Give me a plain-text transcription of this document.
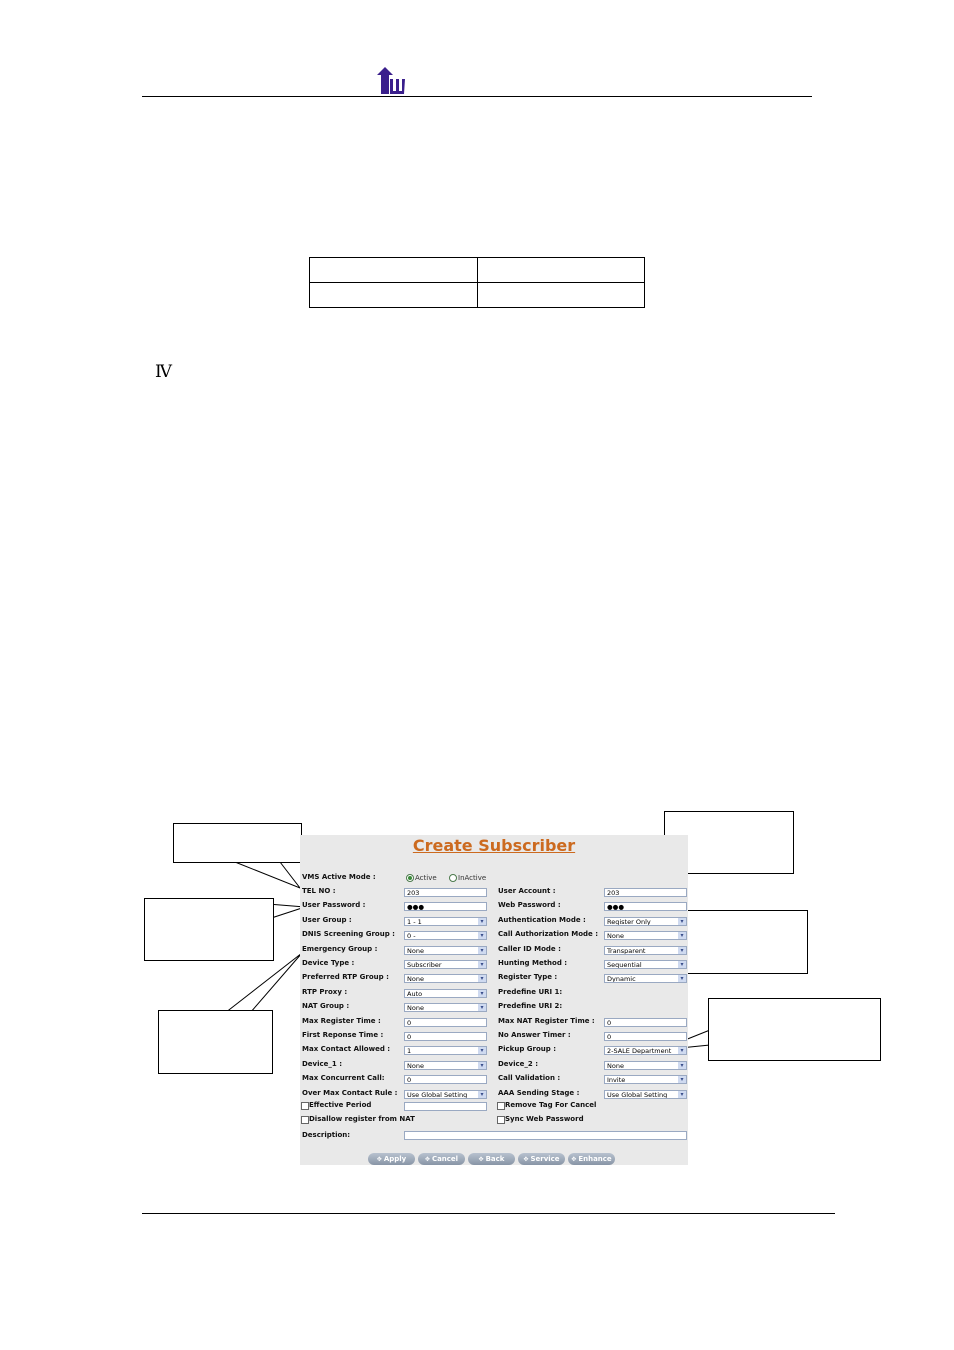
Ⅳ
Create Subscriber
VMS Active Mode :	Active	InActive
TEL NO :	203
User Password :	●●●
User Group :	1 - 1	▾
DNIS Screening Group :	0 -	▾
Emergency Group :	None	▾
Device Type :	Subscriber	▾
Preferred RTP Group :	None	▾
RTP Proxy :	Auto	▾
NAT Group :	None	▾
Max Register Time :	0
First Reponse Time :	0
Max Contact Allowed :	1	▾
Device_1 :	None	▾
Max Concurrent Call:	0
Over Max Contact Rule :	Use Global Setting	▾
User Account :	203
Web Password :	●●●
Authentication Mode :	Register Only	▾
Call Authorization Mode :	None	▾
Caller ID Mode :	Transparent	▾
Hunting Method :	Sequential	▾
Register Type :	Dynamic	▾
Predefine URI 1:
Predefine URI 2:
Max NAT Register Time :	0
No Answer Timer :	0
Pickup Group :	2-SALE Department	▾
Device_2 :	None	▾
Call Validation :	Invite	▾
AAA Sending Stage :	Use Global Setting	▾
Effective Period	Remove Tag For Cancel
Disallow register from NAT	Sync Web Password
Description:
✥ Apply	✥ Cancel	✥ Back	✥ Service	✥ Enhance
